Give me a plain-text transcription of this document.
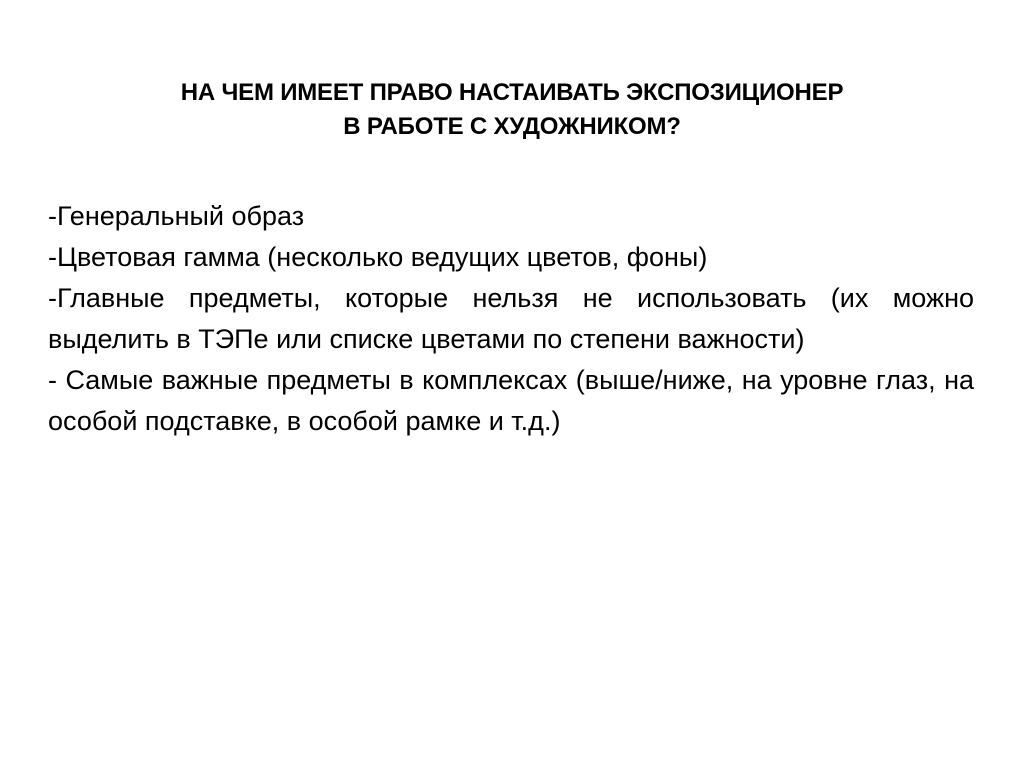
НА ЧЕМ ИМЕЕТ ПРАВО НАСТАИВАТЬ ЭКСПОЗИЦИОНЕР
В РАБОТЕ С ХУДОЖНИКОМ?
-Генеральный образ
-Цветовая гамма (несколько ведущих цветов, фоны)
-Главные предметы, которые нельзя не использовать (их можно выделить в ТЭПе или списке цветами по степени важности)
- Самые важные предметы в комплексах (выше/ниже, на уровне глаз, на особой подставке, в особой рамке и т.д.)
